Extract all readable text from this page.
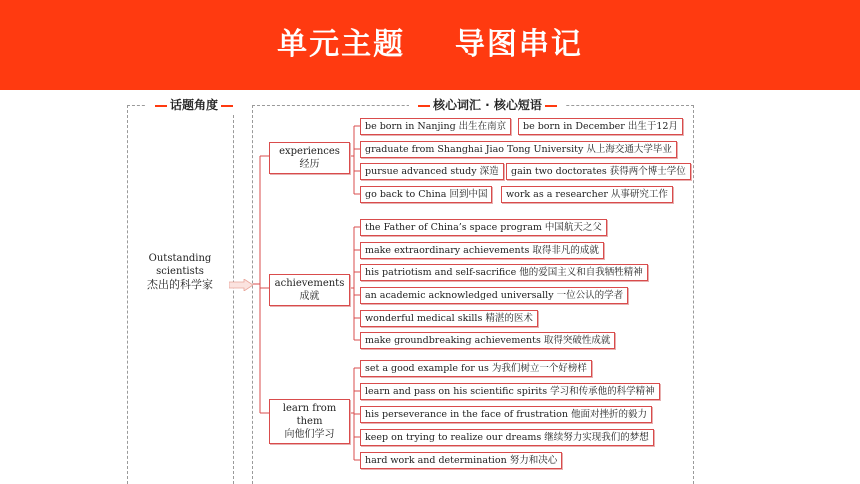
单元主题    导图串记
话题角度	核心词汇 · 核心短语
Outstanding
scientists
杰出的科学家
experiences
经历
achievements
成就
learn from them
向他们学习
be born in Nanjing 出生在南京	be born in December 出生于12月
graduate from Shanghai Jiao Tong University 从上海交通大学毕业
pursue advanced study 深造	gain two doctorates 获得两个博士学位
go back to China 回到中国	work as a researcher 从事研究工作
the Father of China’s space program 中国航天之父
make extraordinary achievements 取得非凡的成就
his patriotism and self-sacrifice 他的爱国主义和自我牺牲精神
an academic acknowledged universally 一位公认的学者
wonderful medical skills 精湛的医术
make groundbreaking achievements 取得突破性成就
set a good example for us 为我们树立一个好榜样
learn and pass on his scientific spirits 学习和传承他的科学精神
his perseverance in the face of frustration 他面对挫折的毅力
keep on trying to realize our dreams 继续努力实现我们的梦想
hard work and determination 努力和决心
